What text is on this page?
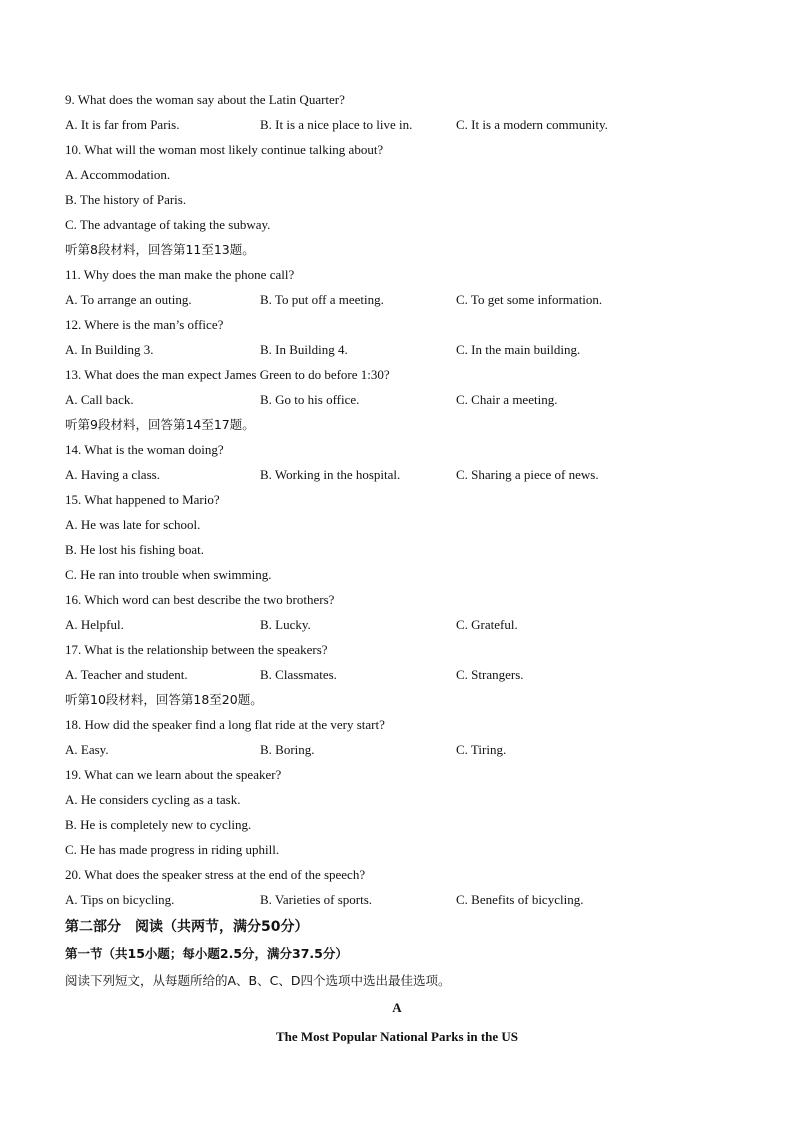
9. What does the woman say about the Latin Quarter?
A. It is far from Paris.	B. It is a nice place to live in.	C. It is a modern community.
10. What will the woman most likely continue talking about?
A. Accommodation.
B. The history of Paris.
C. The advantage of taking the subway.
听第8段材料，回答第11至13题。
11. Why does the man make the phone call?
A. To arrange an outing.	B. To put off a meeting.	C. To get some information.
12. Where is the man’s office?
A. In Building 3.	B. In Building 4.	C. In the main building.
13. What does the man expect James Green to do before 1:30?
A. Call back.	B. Go to his office.	C. Chair a meeting.
听第9段材料，回答第14至17题。
14. What is the woman doing?
A. Having a class.	B. Working in the hospital.	C. Sharing a piece of news.
15. What happened to Mario?
A. He was late for school.
B. He lost his fishing boat.
C. He ran into trouble when swimming.
16. Which word can best describe the two brothers?
A. Helpful.	B. Lucky.	C. Grateful.
17. What is the relationship between the speakers?
A. Teacher and student.	B. Classmates.	C. Strangers.
听第10段材料，回答第18至20题。
18. How did the speaker find a long flat ride at the very start?
A. Easy.	B. Boring.	C. Tiring.
19. What can we learn about the speaker?
A. He considers cycling as a task.
B. He is completely new to cycling.
C. He has made progress in riding uphill.
20. What does the speaker stress at the end of the speech?
A. Tips on bicycling.	B. Varieties of sports.	C. Benefits of bicycling.
第二部分　阅读（共两节，满分50分）
第一节（共15小题；每小题2.5分，满分37.5分）
阅读下列短文，从每题所给的A、B、C、D四个选项中选出最佳选项。
A
The Most Popular National Parks in the US
